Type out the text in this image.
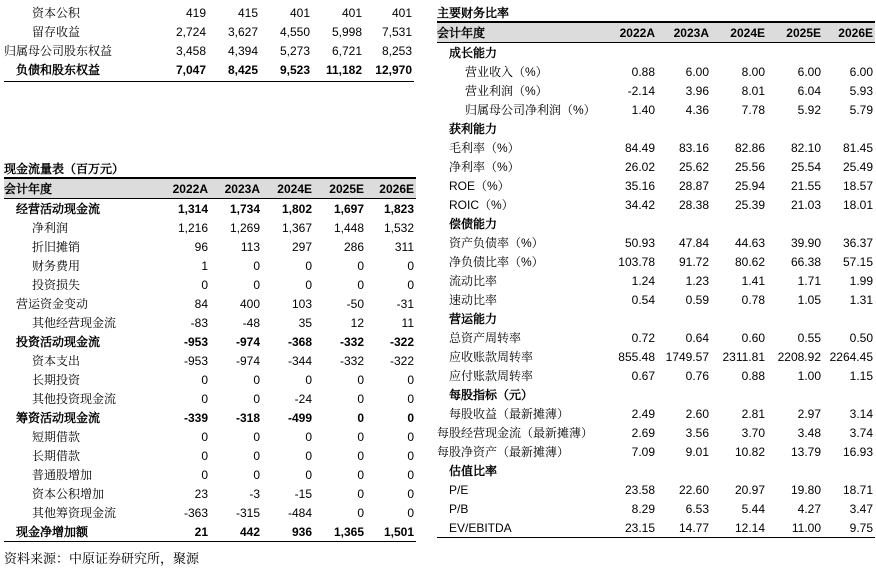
资本公积	419	415	401	401	401
留存收益	2,724	3,627	4,550	5,998	7,531
归属母公司股东权益	3,458	4,394	5,273	6,721	8,253
负债和股东权益	7,047	8,425	9,523	11,182	12,970
现金流量表（百万元）
会计年度	2022A	2023A	2024E	2025E	2026E
经营活动现金流	1,314	1,734	1,802	1,697	1,823
净利润	1,216	1,269	1,367	1,448	1,532
折旧摊销	96	113	297	286	311
财务费用	1	0	0	0	0
投资损失	0	0	0	0	0
营运资金变动	84	400	103	-50	-31
其他经营现金流	-83	-48	35	12	11
投资活动现金流	-953	-974	-368	-332	-322
资本支出	-953	-974	-344	-332	-322
长期投资	0	0	0	0	0
其他投资现金流	0	0	-24	0	0
筹资活动现金流	-339	-318	-499	0	0
短期借款	0	0	0	0	0
长期借款	0	0	0	0	0
普通股增加	0	0	0	0	0
资本公积增加	23	-3	-15	0	0
其他筹资现金流	-363	-315	-484	0	0
现金净增加额	21	442	936	1,365	1,501
主要财务比率
会计年度	2022A	2023A	2024E	2025E	2026E
成长能力					
营业收入（%）	0.88	6.00	8.00	6.00	6.00
营业利润（%）	-2.14	3.96	8.01	6.04	5.93
归属母公司净利润（%）	1.40	4.36	7.78	5.92	5.79
获利能力					
毛利率（%）	84.49	83.16	82.86	82.10	81.45
净利率（%）	26.02	25.62	25.56	25.54	25.49
ROE（%）	35.16	28.87	25.94	21.55	18.57
ROIC（%）	34.42	28.38	25.39	21.03	18.01
偿债能力					
资产负债率（%）	50.93	47.84	44.63	39.90	36.37
净负债比率（%）	103.78	91.72	80.62	66.38	57.15
流动比率	1.24	1.23	1.41	1.71	1.99
速动比率	0.54	0.59	0.78	1.05	1.31
营运能力					
总资产周转率	0.72	0.64	0.60	0.55	0.50
应收账款周转率	855.48	1749.57	2311.81	2208.92	2264.45
应付账款周转率	0.67	0.76	0.88	1.00	1.15
每股指标（元）					
每股收益（最新摊薄）	2.49	2.60	2.81	2.97	3.14
每股经营现金流（最新摊薄）	2.69	3.56	3.70	3.48	3.74
每股净资产（最新摊薄）	7.09	9.01	10.82	13.79	16.93
估值比率					
P/E	23.58	22.60	20.97	19.80	18.71
P/B	8.29	6.53	5.44	4.27	3.47
EV/EBITDA	23.15	14.77	12.14	11.00	9.75
资料来源：中原证券研究所，聚源
